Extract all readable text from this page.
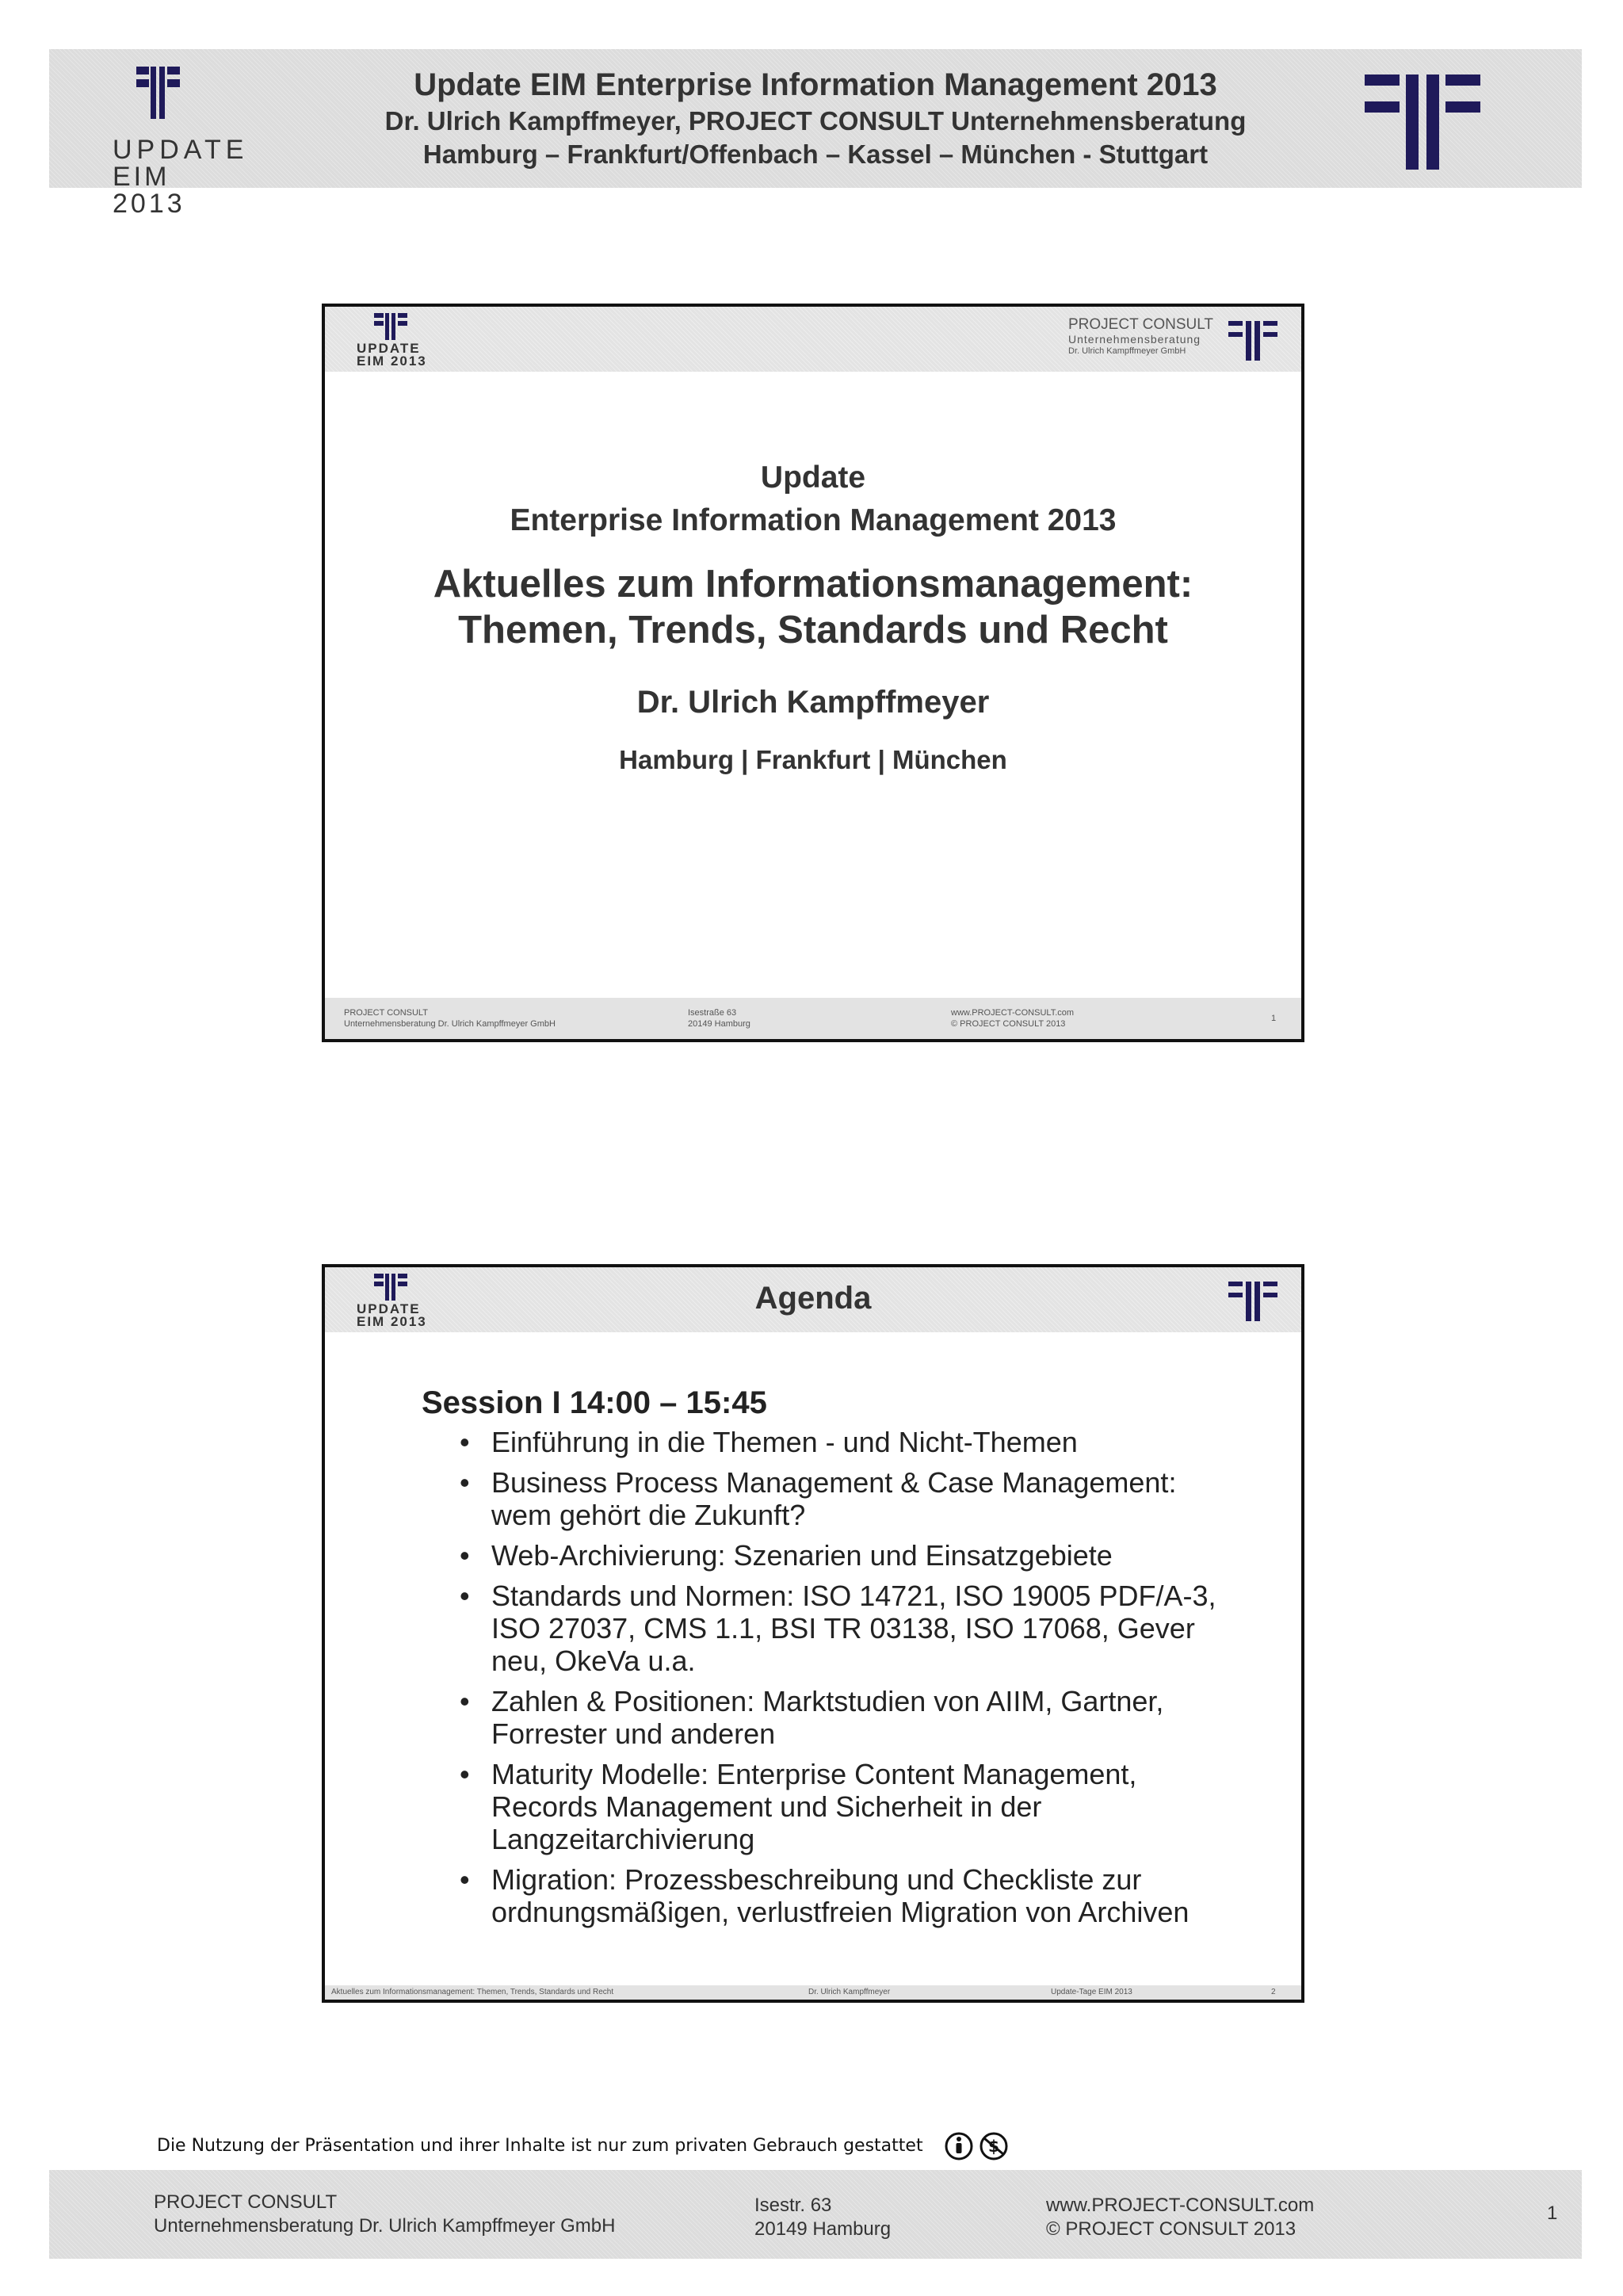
UPDATE
EIM 2013
Update EIM Enterprise Information Management 2013
Dr. Ulrich Kampffmeyer, PROJECT CONSULT Unternehmensberatung
Hamburg – Frankfurt/Offenbach – Kassel – München - Stuttgart
UPDATE
EIM 2013
PROJECT CONSULT
Unternehmensberatung
Dr. Ulrich Kampffmeyer GmbH
Update
Enterprise Information Management 2013
Aktuelles zum Informationsmanagement:
Themen, Trends, Standards und Recht
Dr. Ulrich Kampffmeyer
Hamburg | Frankfurt | München
PROJECT CONSULT
Unternehmensberatung Dr. Ulrich Kampffmeyer GmbH
Isestraße 63
20149 Hamburg
www.PROJECT-CONSULT.com
© PROJECT CONSULT 2013
1
UPDATE
EIM 2013
Agenda
Session I 14:00 – 15:45
• Einführung in die Themen - und Nicht-Themen
• Business Process Management & Case Management: wem gehört die Zukunft?
• Web-Archivierung: Szenarien und Einsatzgebiete
• Standards und Normen: ISO 14721, ISO 19005 PDF/A-3, ISO 27037, CMS 1.1, BSI TR 03138, ISO 17068, Gever neu, OkeVa u.a.
• Zahlen & Positionen: Marktstudien von AIIM, Gartner, Forrester und anderen
• Maturity Modelle: Enterprise Content Management, Records Management und Sicherheit in der Langzeitarchivierung
• Migration: Prozessbeschreibung und Checkliste zur ordnungsmäßigen, verlustfreien Migration von Archiven
Aktuelles zum Informationsmanagement: Themen, Trends, Standards und Recht	Dr. Ulrich Kampffmeyer	Update-Tage EIM 2013	2
Die Nutzung der Präsentation und ihrer Inhalte ist nur zum privaten Gebrauch gestattet	$
PROJECT CONSULT
Unternehmensberatung Dr. Ulrich Kampffmeyer GmbH
Isestr. 63
20149 Hamburg
www.PROJECT-CONSULT.com
© PROJECT CONSULT 2013
1
